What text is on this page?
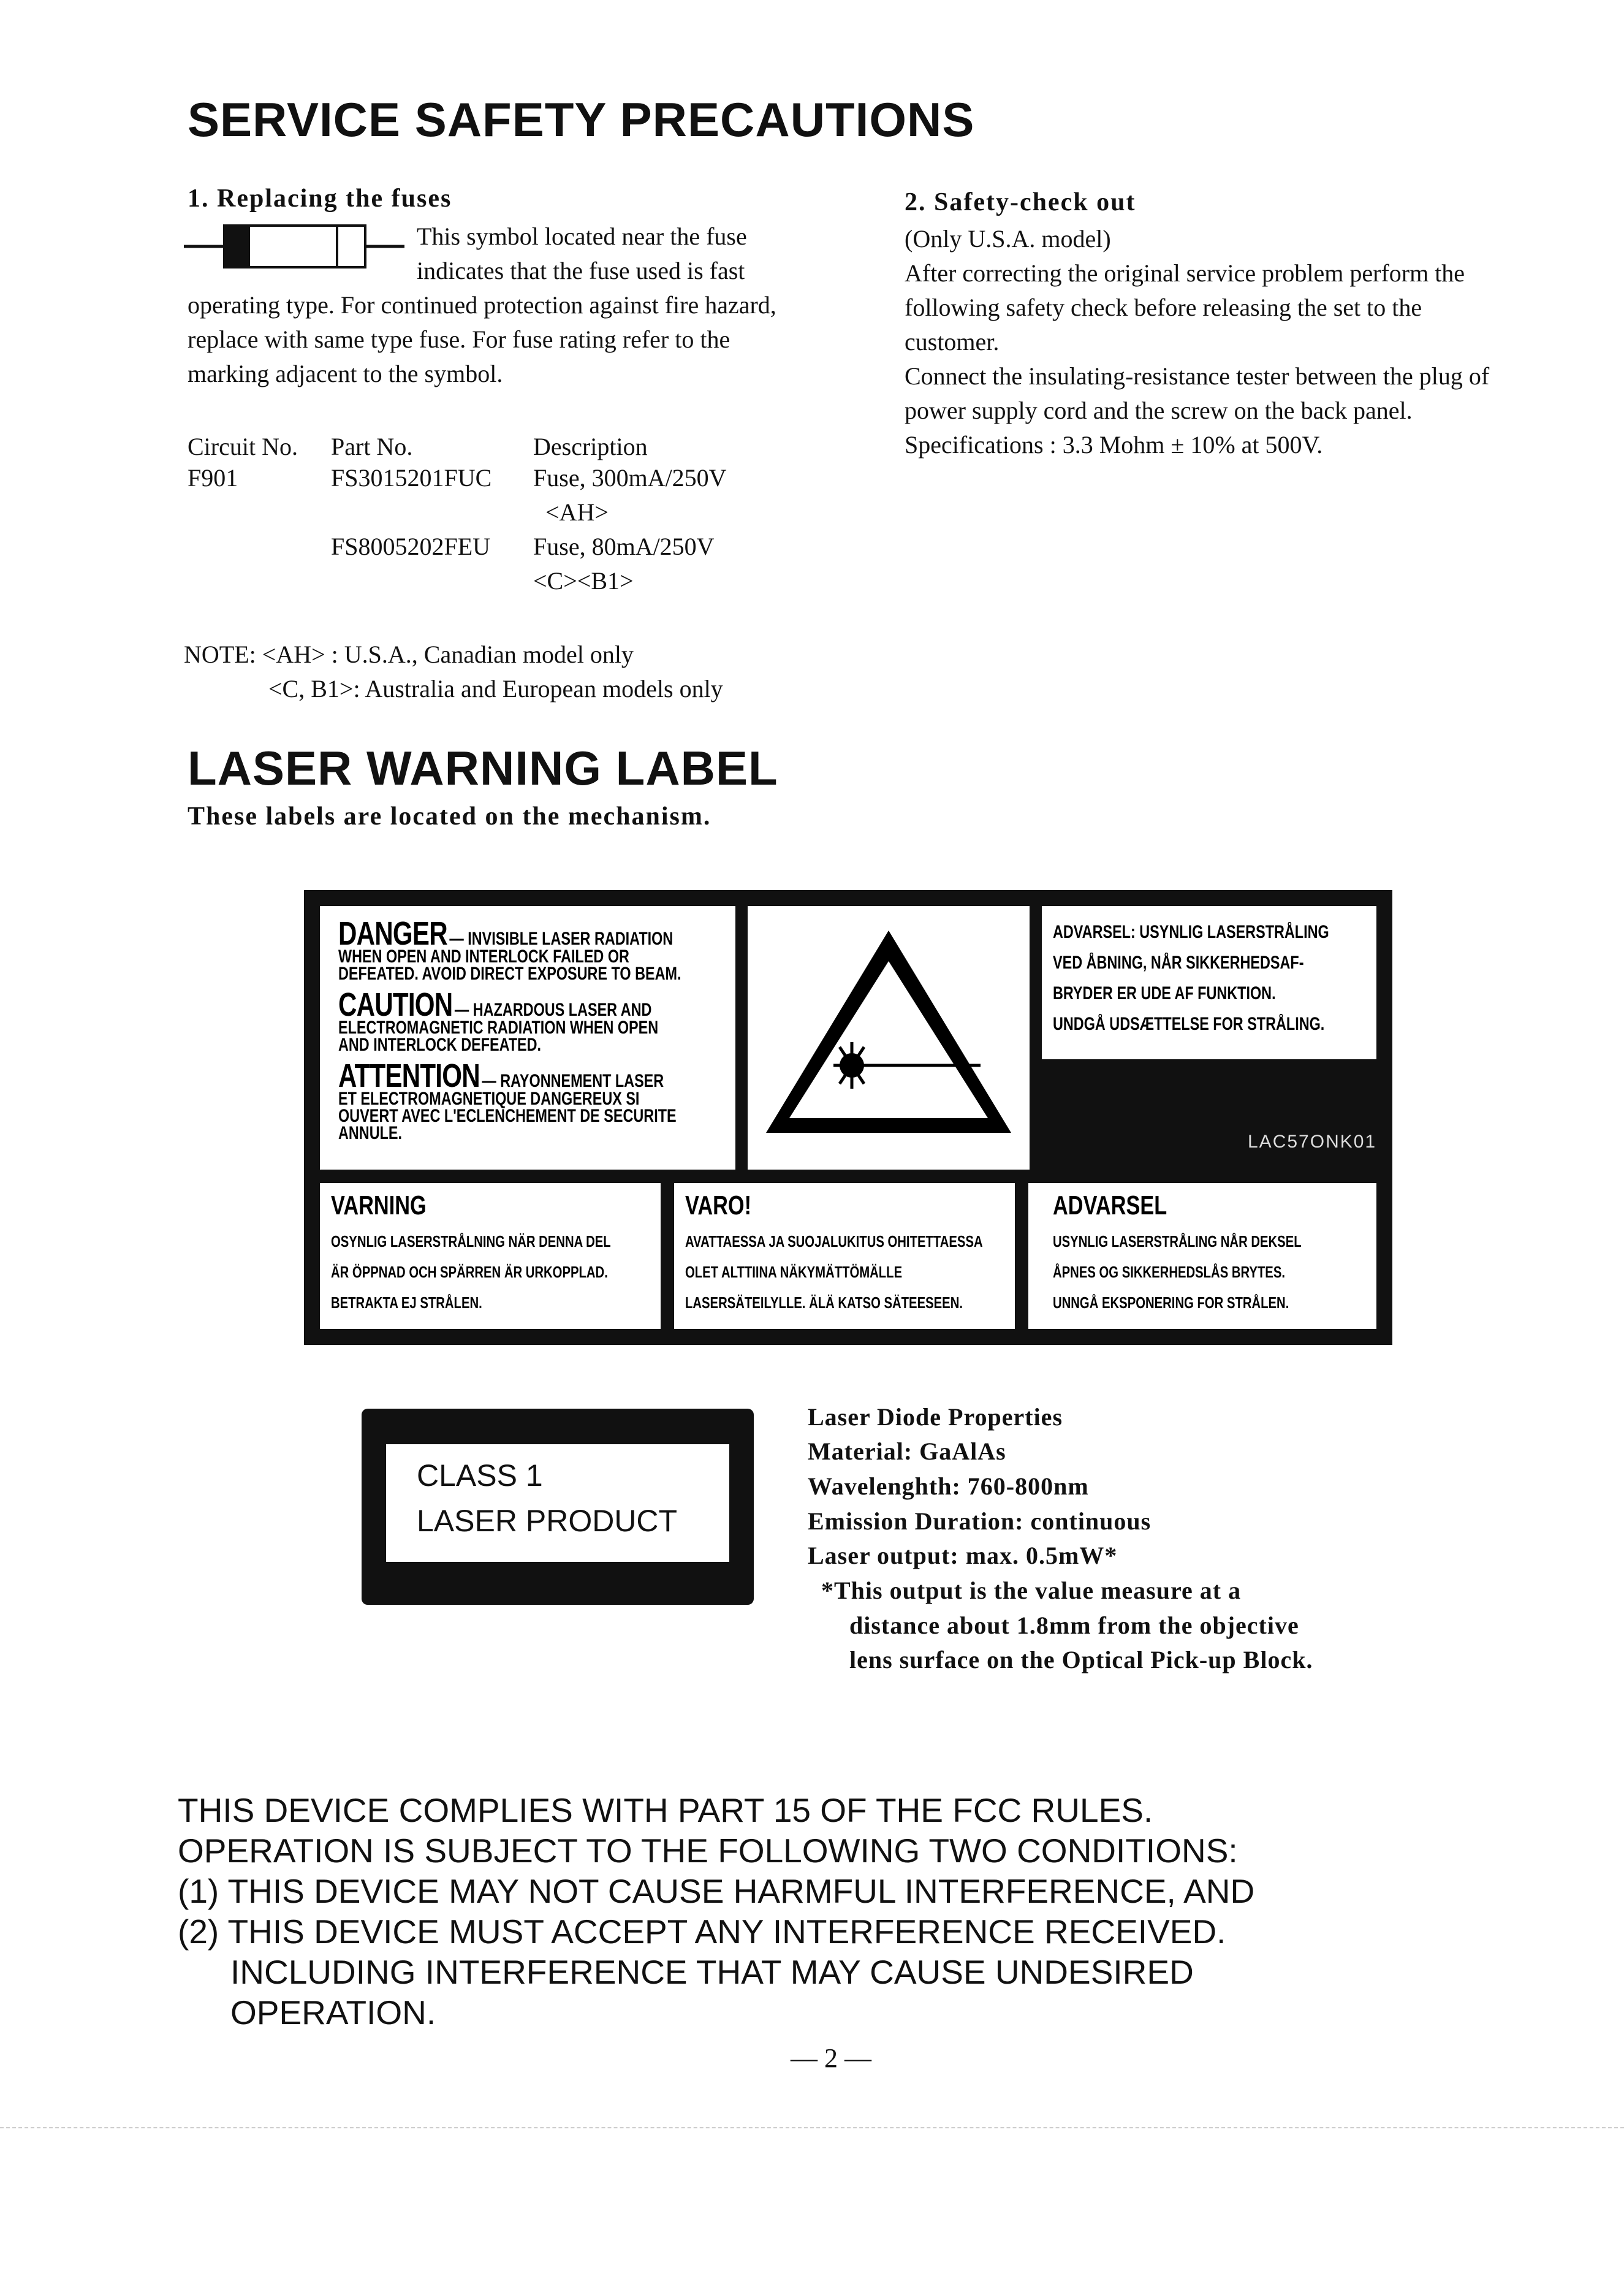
SERVICE SAFETY PRECAUTIONS
1. Replacing the fuses
This symbol located near the fuse
indicates that the fuse used is fast
operating type. For continued protection against fire hazard,
replace with same type fuse. For fuse rating refer to the
marking adjacent to the symbol.
Circuit No.	Part No.	Description
F901	FS3015201FUC	Fuse, 300mA/250V
		<AH>
	FS8005202FEU	Fuse, 80mA/250V
		<C><B1>
NOTE: <AH> : U.S.A., Canadian model only
<C, B1>: Australia and European models only
2. Safety-check out
(Only U.S.A. model)
After correcting the original service problem perform the
following safety check before releasing the set to the
customer.
Connect the insulating-resistance tester between the plug of
power supply cord and the screw on the back panel.
Specifications : 3.3 Mohm ± 10% at 500V.
LASER WARNING LABEL
These labels are located on the mechanism.
DANGER — INVISIBLE LASER RADIATION
WHEN OPEN AND INTERLOCK FAILED OR
DEFEATED. AVOID DIRECT EXPOSURE TO BEAM.
CAUTION — HAZARDOUS LASER AND
ELECTROMAGNETIC RADIATION WHEN OPEN
AND INTERLOCK DEFEATED.
ATTENTION — RAYONNEMENT LASER
ET ELECTROMAGNETIQUE DANGEREUX SI
OUVERT AVEC L'ECLENCHEMENT DE SECURITE
ANNULE.
ADVARSEL: USYNLIG LASERSTRÅLING
VED ÅBNING, NÅR SIKKERHEDSAF-
BRYDER ER UDE AF FUNKTION.
UNDGÅ UDSÆTTELSE FOR STRÅLING.
LAC57ONK01
VARNING
OSYNLIG LASERSTRÅLNING NÄR DENNA DEL
ÄR ÖPPNAD OCH SPÄRREN ÄR URKOPPLAD.
BETRAKTA EJ STRÅLEN.
VARO!
AVATTAESSA JA SUOJALUKITUS OHITETTAESSA
OLET ALTTIINA NÄKYMÄTTÖMÄLLE
LASERSÄTEILYLLE. ÄLÄ KATSO SÄTEESEEN.
ADVARSEL
USYNLIG LASERSTRÅLING NÅR DEKSEL
ÅPNES OG SIKKERHEDSLÅS BRYTES.
UNNGÅ EKSPONERING FOR STRÅLEN.
CLASS 1
LASER PRODUCT
Laser Diode Properties
Material: GaAlAs
Wavelenghth: 760-800nm
Emission Duration: continuous
Laser output: max. 0.5mW*
*This output is the value measure at a
distance about 1.8mm from the objective
lens surface on the Optical Pick-up Block.
THIS DEVICE COMPLIES WITH PART 15 OF THE FCC RULES.
OPERATION IS SUBJECT TO THE FOLLOWING TWO CONDITIONS:
(1) THIS DEVICE MAY NOT CAUSE HARMFUL INTERFERENCE, AND
(2) THIS DEVICE MUST ACCEPT ANY INTERFERENCE RECEIVED.
INCLUDING INTERFERENCE THAT MAY CAUSE UNDESIRED
OPERATION.
— 2 —
